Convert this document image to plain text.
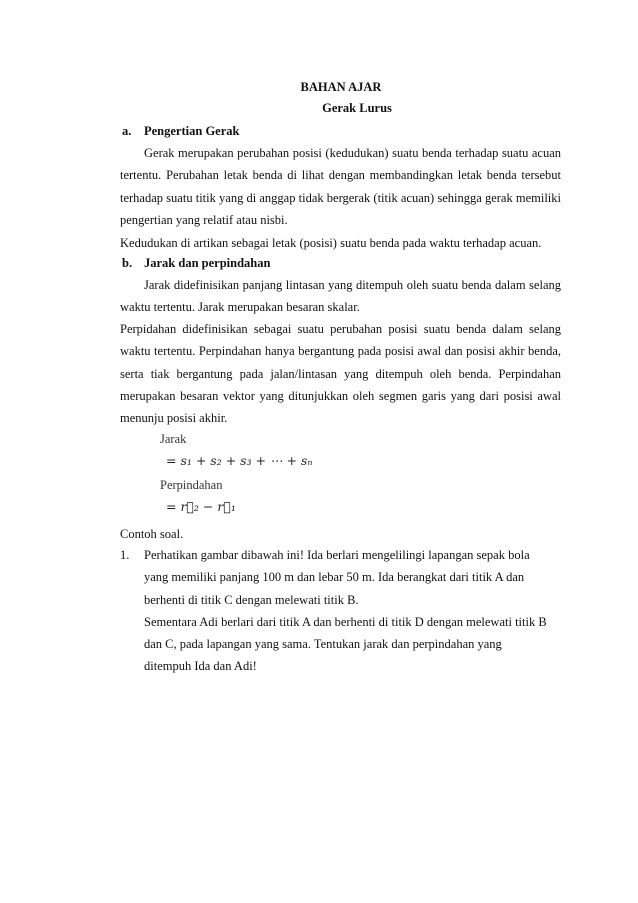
BAHAN AJAR
Gerak Lurus
a. Pengertian Gerak
Gerak merupakan perubahan posisi (kedudukan) suatu benda terhadap suatu acuan tertentu. Perubahan letak benda di lihat dengan membandingkan letak benda tersebut terhadap suatu titik yang di anggap tidak bergerak (titik acuan) sehingga gerak memiliki pengertian yang relatif atau nisbi.
Kedudukan di artikan sebagai letak (posisi) suatu benda pada waktu terhadap acuan.
b. Jarak dan perpindahan
Jarak didefinisikan panjang lintasan yang ditempuh oleh suatu benda dalam selang waktu tertentu. Jarak merupakan besaran skalar.
Perpidahan didefinisikan sebagai suatu perubahan posisi suatu benda dalam selang waktu tertentu. Perpindahan hanya bergantung pada posisi awal dan posisi akhir benda, serta tiak bergantung pada jalan/lintasan yang ditempuh oleh benda. Perpindahan merupakan besaran vektor yang ditunjukkan oleh segmen garis yang dari posisi awal menunju posisi akhir.
Jarak
= s₁ + s₂ + s₃ + ⋯ + sₙ
Perpindahan
= r⃗₂ − r⃗₁
Contoh soal.
1. Perhatikan gambar dibawah ini! Ida berlari mengelilingi lapangan sepak bola
yang memiliki panjang 100 m dan lebar 50 m. Ida berangkat dari titik A dan
berhenti di titik C dengan melewati titik B.
Sementara Adi berlari dari titik A dan berhenti di titik D dengan melewati titik B
dan C, pada lapangan yang sama. Tentukan jarak dan perpindahan yang
ditempuh Ida dan Adi!
